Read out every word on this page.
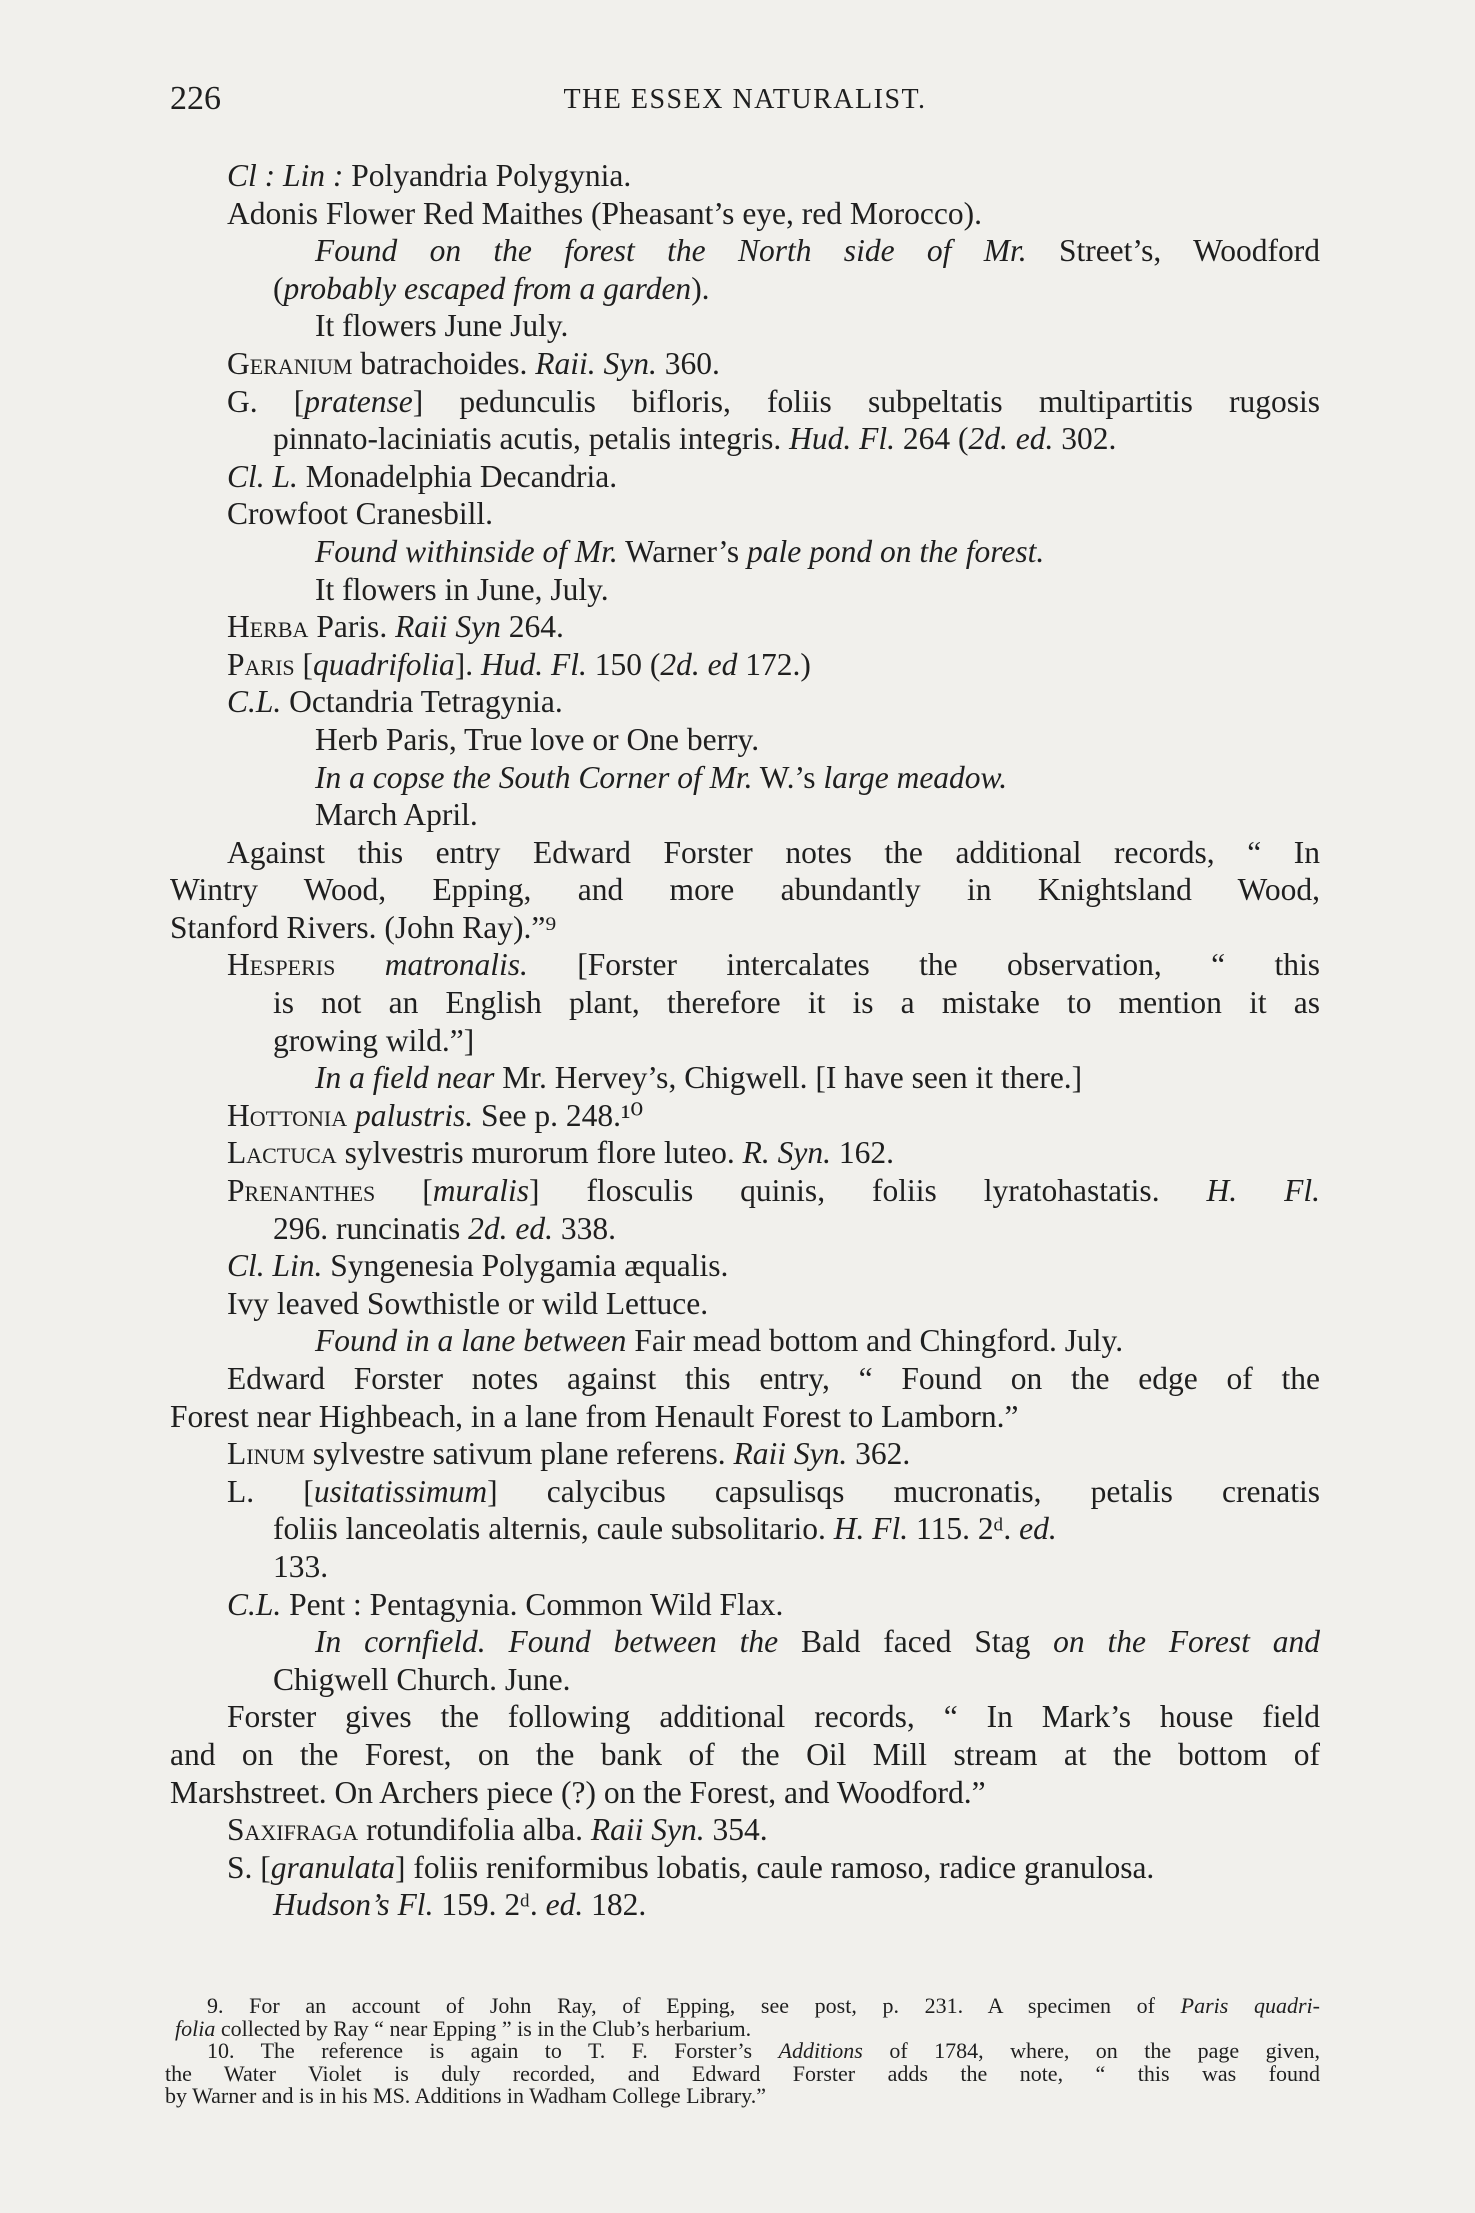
226	THE ESSEX NATURALIST.
Cl : Lin : Polyandria Polygynia.
Adonis Flower Red Maithes (Pheasant’s eye, red Morocco).
Found on the forest the North side of Mr. Street’s, Woodford
(probably escaped from a garden).
It flowers June July.
Geranium batrachoides. Raii. Syn. 360.
G. [pratense] pedunculis bifloris, foliis subpeltatis multipartitis rugosis
pinnato-laciniatis acutis, petalis integris. Hud. Fl. 264 (2d. ed. 302.
Cl. L. Monadelphia Decandria.
Crowfoot Cranesbill.
Found withinside of Mr. Warner’s pale pond on the forest.
It flowers in June, July.
Herba Paris. Raii Syn 264.
Paris [quadrifolia]. Hud. Fl. 150 (2d. ed 172.)
C.L. Octandria Tetragynia.
Herb Paris, True love or One berry.
In a copse the South Corner of Mr. W.’s large meadow.
March April.
Against this entry Edward Forster notes the additional records, “ In
Wintry Wood, Epping, and more abundantly in Knightsland Wood,
Stanford Rivers. (John Ray).”⁹
Hesperis matronalis. [Forster intercalates the observation, “ this
is not an English plant, therefore it is a mistake to mention it as
growing wild.”]
In a field near Mr. Hervey’s, Chigwell. [I have seen it there.]
Hottonia palustris. See p. 248.¹⁰
Lactuca sylvestris murorum flore luteo. R. Syn. 162.
Prenanthes [muralis] flosculis quinis, foliis lyratohastatis. H. Fl.
296. runcinatis 2d. ed. 338.
Cl. Lin. Syngenesia Polygamia æqualis.
Ivy leaved Sowthistle or wild Lettuce.
Found in a lane between Fair mead bottom and Chingford. July.
Edward Forster notes against this entry, “ Found on the edge of the
Forest near Highbeach, in a lane from Henault Forest to Lamborn.”
Linum sylvestre sativum plane referens. Raii Syn. 362.
L. [usitatissimum] calycibus capsulisqs mucronatis, petalis crenatis
foliis lanceolatis alternis, caule subsolitario. H. Fl. 115. 2ᵈ. ed.
133.
C.L. Pent : Pentagynia. Common Wild Flax.
In cornfield. Found between the Bald faced Stag on the Forest and
Chigwell Church. June.
Forster gives the following additional records, “ In Mark’s house field
and on the Forest, on the bank of the Oil Mill stream at the bottom of
Marshstreet. On Archers piece (?) on the Forest, and Woodford.”
Saxifraga rotundifolia alba. Raii Syn. 354.
S. [granulata] foliis reniformibus lobatis, caule ramoso, radice granulosa.
Hudson’s Fl. 159. 2ᵈ. ed. 182.
9. For an account of John Ray, of Epping, see post, p. 231. A specimen of Paris quadri-
folia collected by Ray “ near Epping ” is in the Club’s herbarium.
10. The reference is again to T. F. Forster’s Additions of 1784, where, on the page given,
the Water Violet is duly recorded, and Edward Forster adds the note, “ this was found
by Warner and is in his MS. Additions in Wadham College Library.”
